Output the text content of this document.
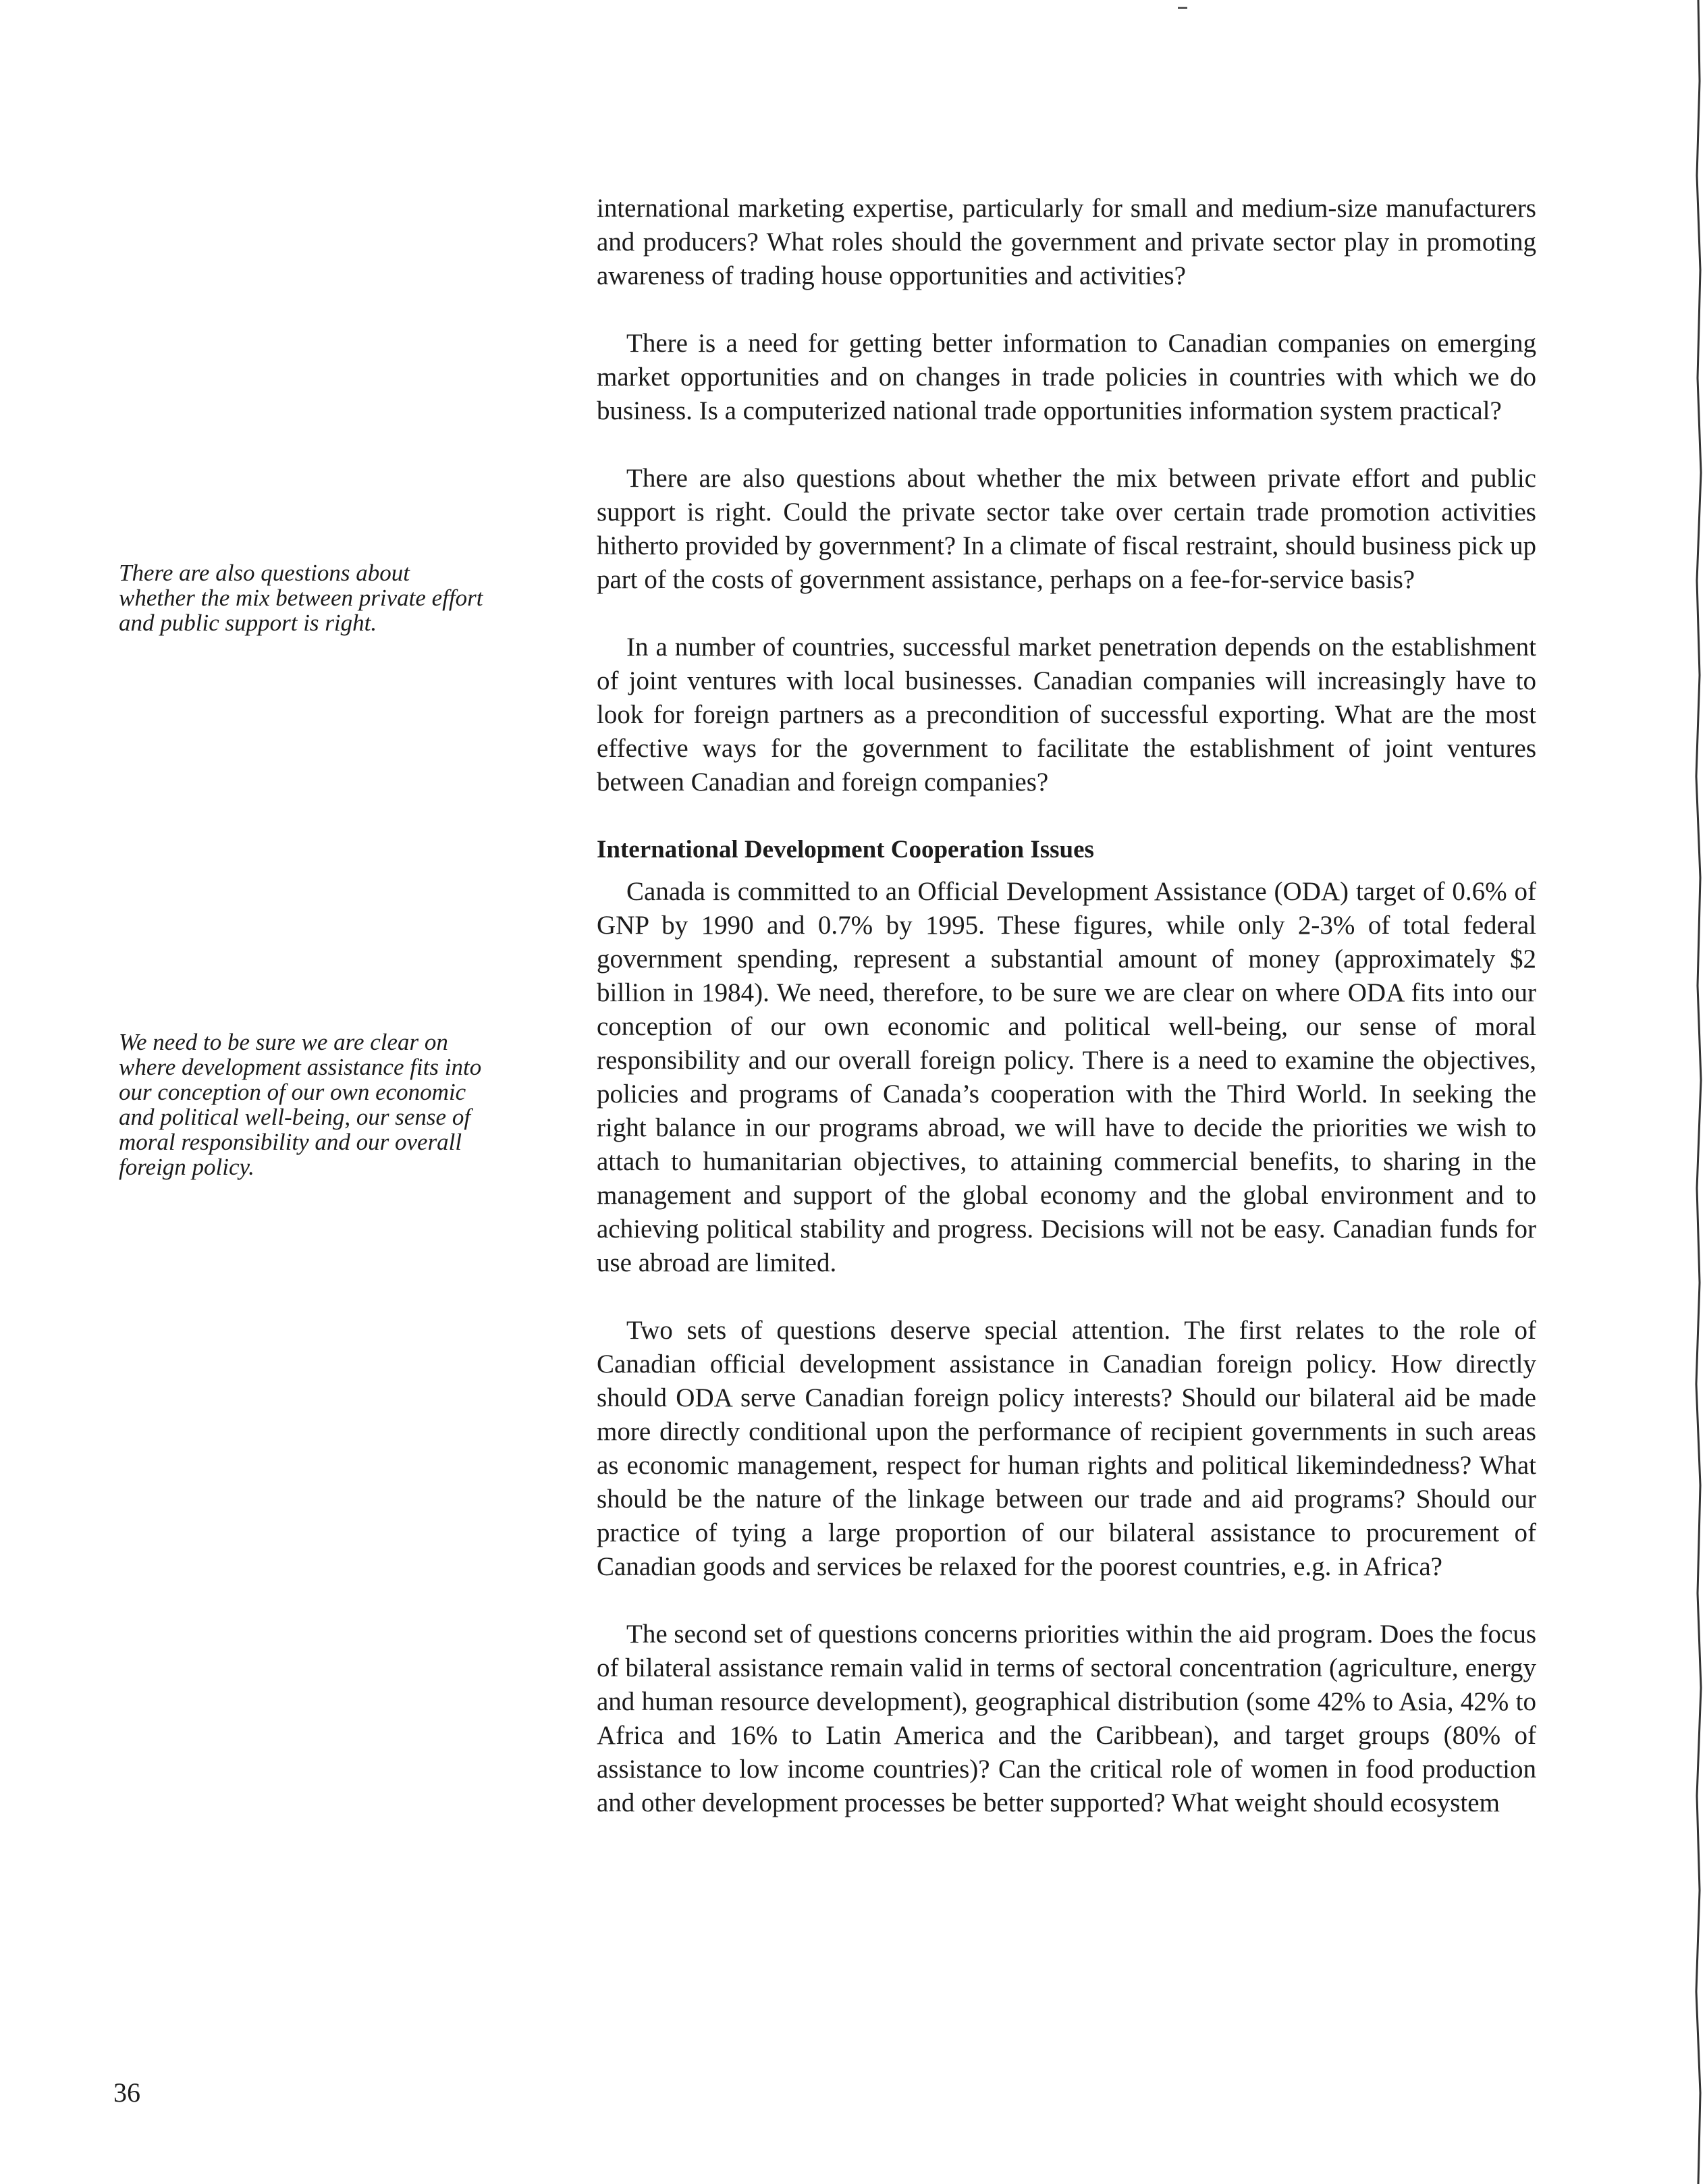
There are also questions about whether the mix between private effort and public support is right.

We need to be sure we are clear on where development assistance fits into our conception of our own economic and political well-being, our sense of moral responsibility and our overall foreign policy.

international marketing expertise, particularly for small and medium-size manufacturers and producers? What roles should the government and private sector play in promoting awareness of trading house opportunities and activities?

There is a need for getting better information to Canadian companies on emerging market opportunities and on changes in trade policies in countries with which we do business. Is a computerized national trade opportunities information system practical?

There are also questions about whether the mix between private effort and public support is right. Could the private sector take over certain trade promotion activities hitherto provided by government? In a climate of fiscal restraint, should business pick up part of the costs of government assistance, perhaps on a fee-for-service basis?

In a number of countries, successful market penetration depends on the establishment of joint ventures with local businesses. Canadian companies will increasingly have to look for foreign partners as a precondition of successful exporting. What are the most effective ways for the government to facilitate the establishment of joint ventures between Canadian and foreign companies?

International Development Cooperation Issues

Canada is committed to an Official Development Assistance (ODA) target of 0.6% of GNP by 1990 and 0.7% by 1995. These figures, while only 2-3% of total federal government spending, represent a substantial amount of money (approximately $2 billion in 1984). We need, therefore, to be sure we are clear on where ODA fits into our conception of our own economic and political well-being, our sense of moral responsibility and our overall foreign policy. There is a need to examine the objectives, policies and programs of Canada’s cooperation with the Third World. In seeking the right balance in our programs abroad, we will have to decide the priorities we wish to attach to humanitarian objectives, to attaining commercial benefits, to sharing in the management and support of the global economy and the global environment and to achieving political stability and progress. Decisions will not be easy. Canadian funds for use abroad are limited.

Two sets of questions deserve special attention. The first relates to the role of Canadian official development assistance in Canadian foreign policy. How directly should ODA serve Canadian foreign policy interests? Should our bilateral aid be made more directly conditional upon the performance of recipient governments in such areas as economic management, respect for human rights and political likemindedness? What should be the nature of the linkage between our trade and aid programs? Should our practice of tying a large proportion of our bilateral assistance to procurement of Canadian goods and services be relaxed for the poorest countries, e.g. in Africa?

The second set of questions concerns priorities within the aid program. Does the focus of bilateral assistance remain valid in terms of sectoral concentration (agriculture, energy and human resource development), geographical distribution (some 42% to Asia, 42% to Africa and 16% to Latin America and the Caribbean), and target groups (80% of assistance to low income countries)? Can the critical role of women in food production and other development processes be better supported? What weight should ecosystem

36
